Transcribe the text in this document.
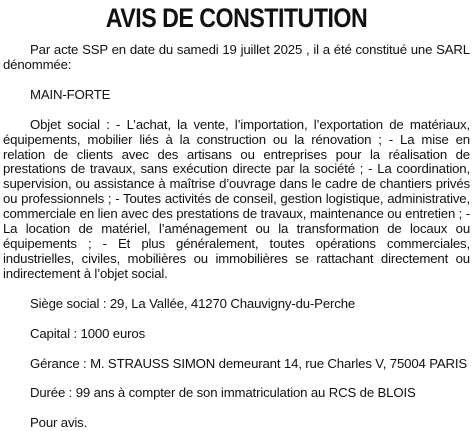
AVIS DE CONSTITUTION

Par acte SSP en date du samedi 19 juillet 2025 , il a été constitué une SARL dénommée:

MAIN-FORTE

Objet social : - L’achat, la vente, l’importation, l’exportation de matériaux, équipements, mobilier liés à la construction ou la rénovation ; - La mise en relation de clients avec des artisans ou entreprises pour la réalisation de prestations de travaux, sans exécution directe par la société ; - La coordination, supervision, ou assistance à maîtrise d’ouvrage dans le cadre de chantiers privés ou professionnels ; - Toutes activités de conseil, gestion logistique, administrative, commerciale en lien avec des prestations de travaux, maintenance ou entretien ; - La location de matériel, l’aménagement ou la transformation de locaux ou équipements ; - Et plus généralement, toutes opérations commerciales, industrielles, civiles, mobilières ou immobilières se rattachant directement ou indirectement à l’objet social.

Siège social : 29, La Vallée, 41270 Chauvigny-du-Perche

Capital : 1000 euros

Gérance : M. STRAUSS SIMON demeurant 14, rue Charles V, 75004 PARIS

Durée : 99 ans à compter de son immatriculation au RCS de BLOIS

Pour avis.
